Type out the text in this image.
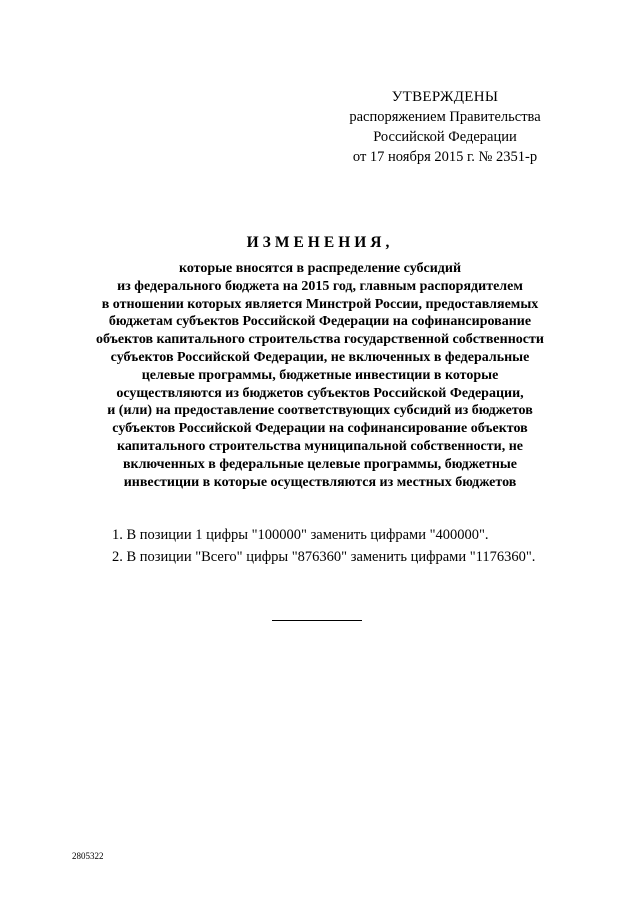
УТВЕРЖДЕНЫ
распоряжением Правительства
Российской Федерации
от 17 ноября 2015 г. № 2351-р
ИЗМЕНЕНИЯ,
которые вносятся в распределение субсидий
из федерального бюджета на 2015 год, главным распорядителем
в отношении которых является Минстрой России, предоставляемых
бюджетам субъектов Российской Федерации на софинансирование
объектов капитального строительства государственной собственности
субъектов Российской Федерации, не включенных в федеральные
целевые программы, бюджетные инвестиции в которые
осуществляются из бюджетов субъектов Российской Федерации,
и (или) на предоставление соответствующих субсидий из бюджетов
субъектов Российской Федерации на софинансирование объектов
капитального строительства муниципальной собственности, не
включенных в федеральные целевые программы, бюджетные
инвестиции в которые осуществляются из местных бюджетов
1. В позиции 1 цифры "100000" заменить цифрами "400000".
2. В позиции "Всего" цифры "876360" заменить цифрами "1176360".
2805322
